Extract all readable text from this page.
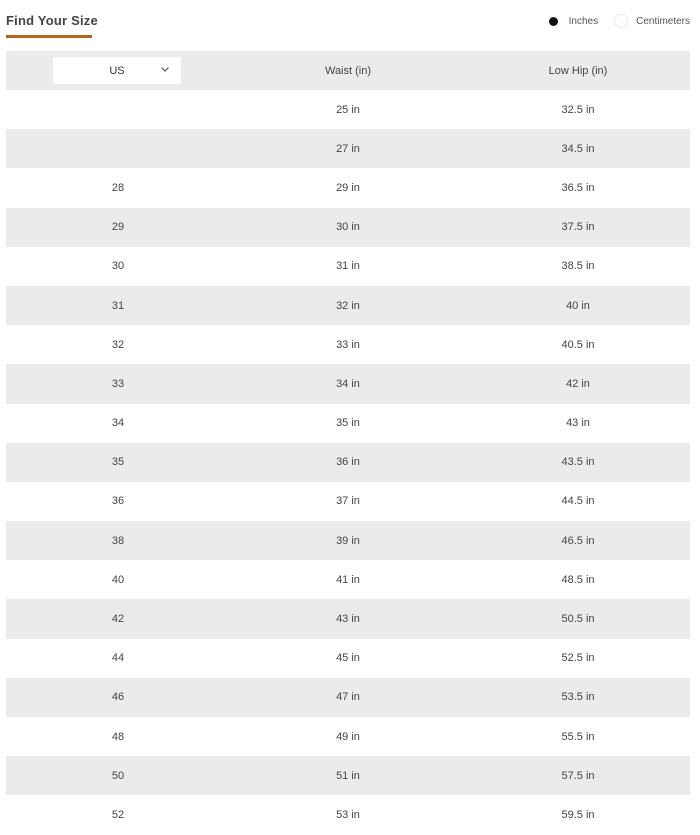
Find Your Size	Inches	Centimeters
US	Waist (in)	Low Hip (in)
	25 in	32.5 in
	27 in	34.5 in
28	29 in	36.5 in
29	30 in	37.5 in
30	31 in	38.5 in
31	32 in	40 in
32	33 in	40.5 in
33	34 in	42 in
34	35 in	43 in
35	36 in	43.5 in
36	37 in	44.5 in
38	39 in	46.5 in
40	41 in	48.5 in
42	43 in	50.5 in
44	45 in	52.5 in
46	47 in	53.5 in
48	49 in	55.5 in
50	51 in	57.5 in
52	53 in	59.5 in
